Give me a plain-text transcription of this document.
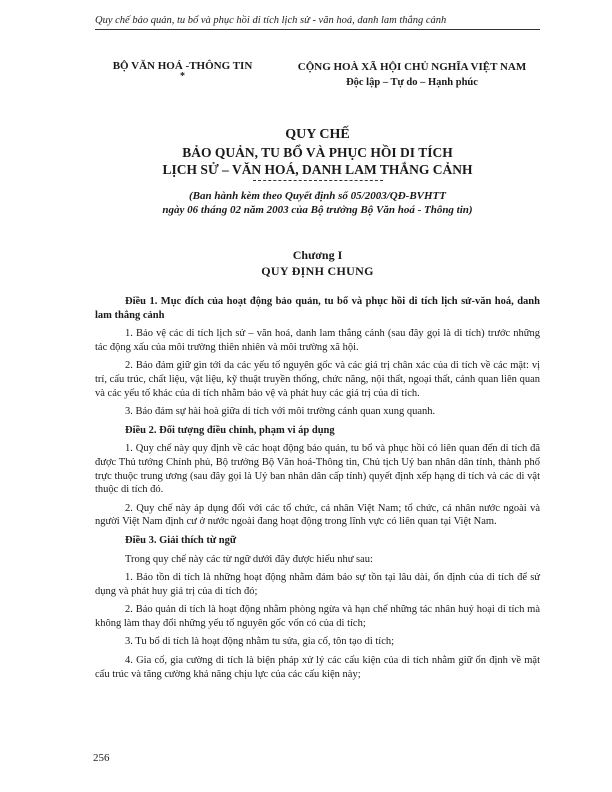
Quy chế bảo quản, tu bổ và phục hồi di tích lịch sử - văn hoá, danh lam thắng cảnh
BỘ VĂN HOÁ -THÔNG TIN
*
CỘNG HOÀ XÃ HỘI CHỦ NGHĨA VIỆT NAM
Độc lập – Tự do – Hạnh phúc
QUY CHẾ
BẢO QUẢN, TU BỔ VÀ PHỤC HỒI DI TÍCH
LỊCH SỬ – VĂN HOÁ, DANH LAM THẮNG CẢNH
(Ban hành kèm theo Quyết định số 05/2003/QĐ-BVHTT
ngày 06 tháng 02 năm 2003 của Bộ trưởng Bộ Văn hoá - Thông tin)
Chương I
QUY ĐỊNH CHUNG

Điều 1. Mục đích của hoạt động bảo quản, tu bổ và phục hồi di tích lịch sử-văn hoá, danh lam thắng cảnh

1. Bảo vệ các di tích lịch sử – văn hoá, danh lam thắng cảnh (sau đây gọi là di tích) trước những tác động xấu của môi trường thiên nhiên và môi trường xã hội.

2. Bảo đảm giữ gìn tới da các yếu tố nguyên gốc và các giá trị chân xác của di tích về các mặt: vị trí, cấu trúc, chất liệu, vật liệu, kỹ thuật truyền thống, chức năng, nội thất, ngoại thất, cảnh quan liên quan và các yếu tố khác của di tích nhằm bảo vệ và phát huy các giá trị của di tích.

3. Bảo đảm sự hài hoà giữa di tích với môi trường cảnh quan xung quanh.

Điều 2. Đối tượng điều chỉnh, phạm vi áp dụng

1. Quy chế này quy định về các hoạt động bảo quản, tu bổ và phục hồi có liên quan đến di tích đã được Thủ tướng Chính phủ, Bộ trưởng Bộ Văn hoá-Thông tin, Chủ tịch Uỷ ban nhân dân tỉnh, thành phố trực thuộc trung ương (sau đây gọi là Uỷ ban nhân dân cấp tỉnh) quyết định xếp hạng di tích và các di vật thuộc di tích đó.

2. Quy chế này áp dụng đối với các tổ chức, cá nhân Việt Nam; tổ chức, cá nhân nước ngoài và người Việt Nam định cư ở nước ngoài đang hoạt động trong lĩnh vực có liên quan tại Việt Nam.

Điều 3. Giải thích từ ngữ

Trong quy chế này các từ ngữ dưới đây được hiểu như sau:

1. Bảo tồn di tích là những hoạt động nhằm đảm bảo sự tồn tại lâu dài, ổn định của di tích để sử dụng và phát huy giá trị của di tích đó;

2. Bảo quản di tích là hoạt động nhằm phòng ngừa và hạn chế những tác nhân huỷ hoại di tích mà không làm thay đổi những yếu tố nguyên gốc vốn có của di tích;

3. Tu bổ di tích là hoạt động nhằm tu sửa, gia cố, tôn tạo di tích;

4. Gia cố, gia cường di tích là biện pháp xử lý các cấu kiện của di tích nhằm giữ ổn định về mặt cấu trúc và tăng cường khả năng chịu lực của các cấu kiện này;

256
